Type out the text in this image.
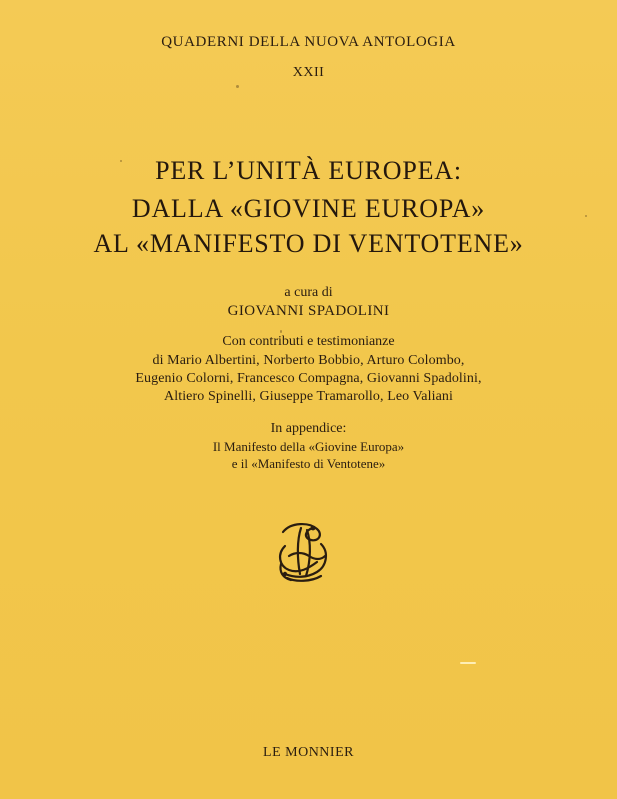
QUADERNI DELLA NUOVA ANTOLOGIA
XXII
PER L’UNITÀ EUROPEA:
DALLA «GIOVINE EUROPA»
AL «MANIFESTO DI VENTOTENE»
a cura di
GIOVANNI SPADOLINI
Con contributi e testimonianze
di Mario Albertini, Norberto Bobbio, Arturo Colombo,
Eugenio Colorni, Francesco Compagna, Giovanni Spadolini,
Altiero Spinelli, Giuseppe Tramarollo, Leo Valiani
In appendice:
Il Manifesto della «Giovine Europa»
e il «Manifesto di Ventotene»
LE MONNIER
